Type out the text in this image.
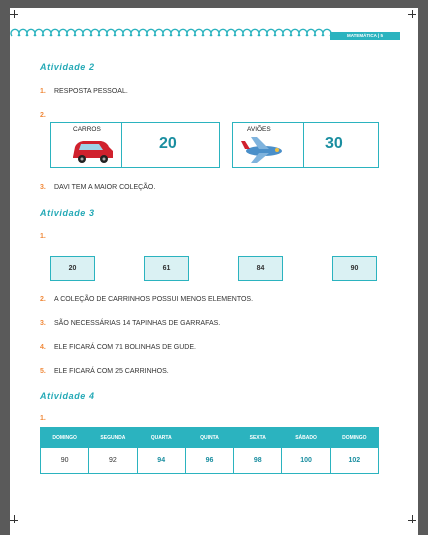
MATEMÁTICA | 5
Atividade 2
1. RESPOSTA PESSOAL.
2.
CARROS
20
AVIÕES
30
3. DAVI TEM A MAIOR COLEÇÃO.
Atividade 3
1.
20	61	84	90
2. A COLEÇÃO DE CARRINHOS POSSUI MENOS ELEMENTOS.
3. SÃO NECESSÁRIAS 14 TAPINHAS DE GARRAFAS.
4. ELE FICARÁ COM 71 BOLINHAS DE GUDE.
5. ELE FICARÁ COM 25 CARRINHOS.
Atividade 4
1.
DOMINGO	SEGUNDA	QUARTA	QUINTA	SEXTA	SÁBADO	DOMINGO
90	92	94	96	98	100	102
